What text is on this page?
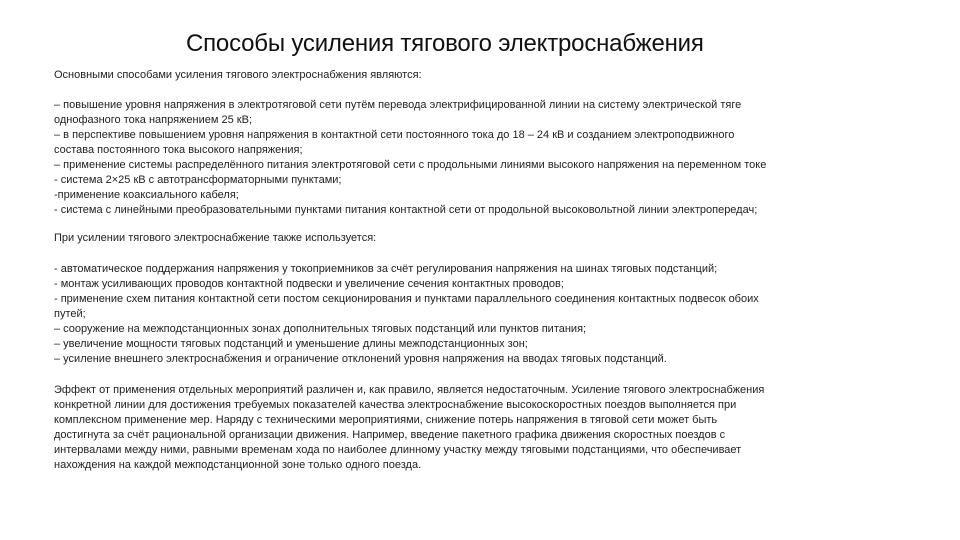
Способы усиления тягового электроснабжения

Основными способами усиления тягового электроснабжения являются:

– повышение уровня напряжения в электротяговой сети путём перевода электрифицированной линии на систему электрической тяге

однофазного тока напряжением 25 кВ;

– в перспективе повышением уровня напряжения в контактной сети постоянного тока до 18 – 24 кВ и созданием электроподвижного

состава постоянного тока высокого напряжения;

– применение системы распределённого питания электротяговой сети с продольными линиями высокого напряжения на переменном токе

- система 2×25 кВ с автотрансформаторными пунктами;

-применение коаксиального кабеля;

- система с линейными преобразовательными пунктами питания контактной сети от продольной высоковольтной линии электропередач;

При усилении тягового электроснабжение также используется:

- автоматическое поддержания напряжения у токоприемников за счёт регулирования напряжения на шинах тяговых подстанций;

- монтаж усиливающих проводов контактной подвески и увеличение сечения контактных проводов;

- применение схем питания контактной сети постом секционирования и пунктами параллельного соединения контактных подвесок обоих

путей;

– сооружение на межподстанционных зонах дополнительных тяговых подстанций или пунктов питания;

– увеличение мощности тяговых подстанций и уменьшение длины межподстанционных зон;

– усиление внешнего электроснабжения и ограничение отклонений уровня напряжения на вводах тяговых подстанций.

Эффект от применения отдельных мероприятий различен и, как правило, является недостаточным. Усиление тягового электроснабжения

конкретной линии для достижения требуемых показателей качества электроснабжение высокоскоростных поездов выполняется при

комплексном применение мер. Наряду с техническими мероприятиями, снижение потерь напряжения в тяговой сети может быть

достигнута за счёт рациональной организации движения. Например, введение пакетного графика движения скоростных поездов с

интервалами между ними, равными временам хода по наиболее длинному участку между тяговыми подстанциями, что обеспечивает

нахождения на каждой межподстанционной зоне только одного поезда.
